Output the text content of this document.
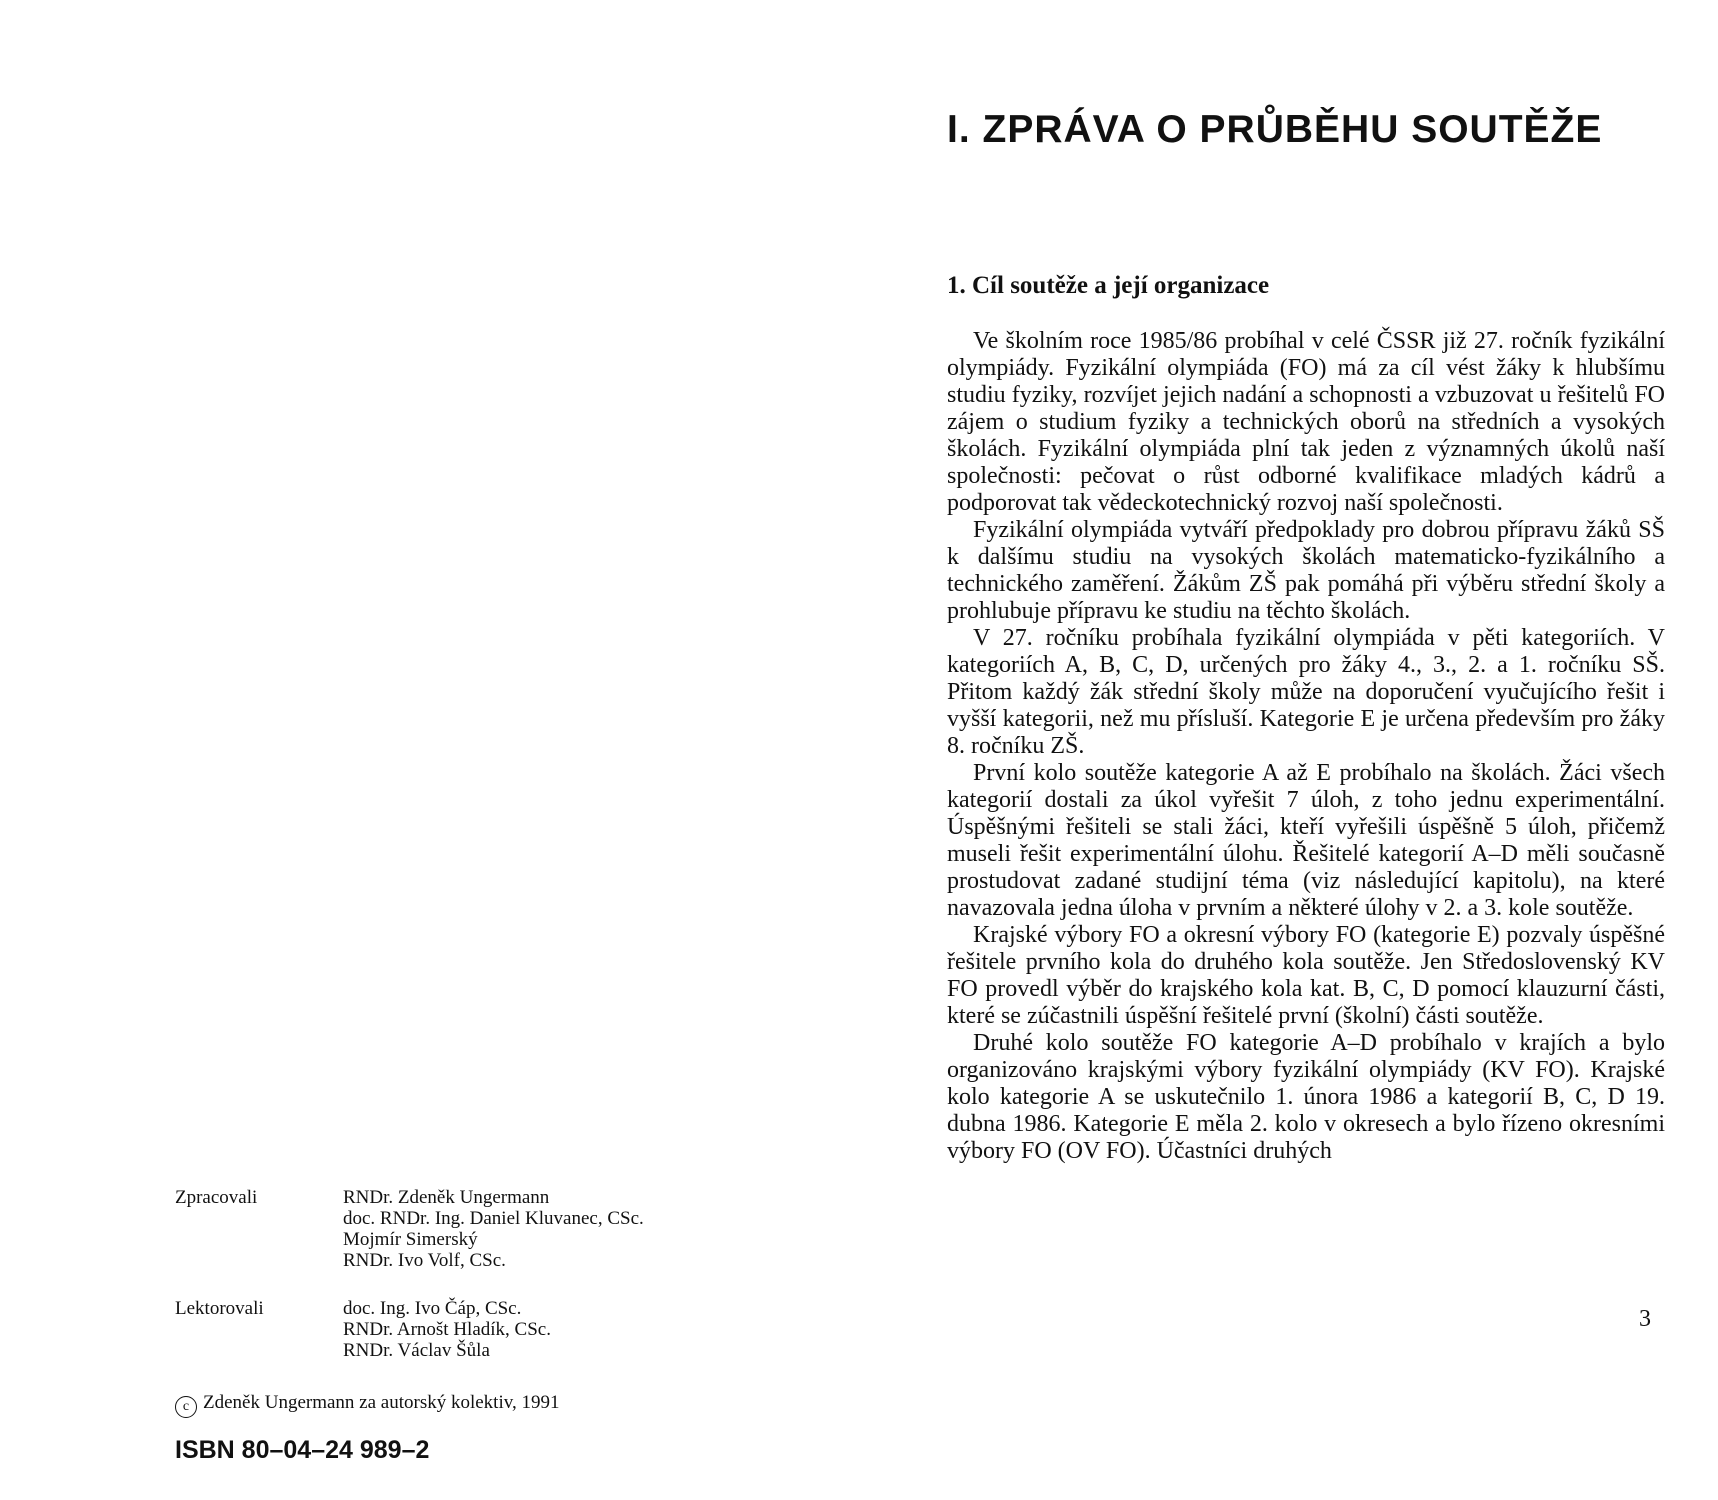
Zpracovali	RNDr. Zdeněk Ungermann
doc. RNDr. Ing. Daniel Kluvanec, CSc.
Mojmír Simerský
RNDr. Ivo Volf, CSc.
Lektorovali	doc. Ing. Ivo Čáp, CSc.
RNDr. Arnošt Hladík, CSc.
RNDr. Václav Šůla
c Zdeněk Ungermann za autorský kolektiv, 1991
ISBN 80–04–24 989–2
I. ZPRÁVA O PRŮBĚHU SOUTĚŽE
1. Cíl soutěže a její organizace

Ve školním roce 1985/86 probíhal v celé ČSSR již 27. ročník fyzikální olympiády. Fyzikální olympiáda (FO) má za cíl vést žáky k hlubšímu studiu fyziky, rozvíjet jejich nadání a schopnosti a vzbuzovat u řešitelů FO zájem o studium fyziky a technických oborů na středních a vysokých školách. Fyzikální olympiáda plní tak jeden z významných úkolů naší společnosti: pečovat o růst odborné kvalifikace mladých kádrů a podporovat tak vědeckotechnický rozvoj naší společnosti.

Fyzikální olympiáda vytváří předpoklady pro dobrou přípravu žáků SŠ k dalšímu studiu na vysokých školách matematicko-fyzikálního a technického zaměření. Žákům ZŠ pak pomáhá při výběru střední školy a prohlubuje přípravu ke studiu na těchto školách.

V 27. ročníku probíhala fyzikální olympiáda v pěti kategoriích. V kategoriích A, B, C, D, určených pro žáky 4., 3., 2. a 1. ročníku SŠ. Přitom každý žák střední školy může na doporučení vyučujícího řešit i vyšší kategorii, než mu přísluší. Kategorie E je určena především pro žáky 8. ročníku ZŠ.

První kolo soutěže kategorie A až E probíhalo na školách. Žáci všech kategorií dostali za úkol vyřešit 7 úloh, z toho jednu experimentální. Úspěšnými řešiteli se stali žáci, kteří vyřešili úspěšně 5 úloh, přičemž museli řešit experimentální úlohu. Řešitelé kategorií A–D měli současně prostudovat zadané studijní téma (viz následující kapitolu), na které navazovala jedna úloha v prvním a některé úlohy v 2. a 3. kole soutěže.

Krajské výbory FO a okresní výbory FO (kategorie E) pozvaly úspěšné řešitele prvního kola do druhého kola soutěže. Jen Středoslovenský KV FO provedl výběr do krajského kola kat. B, C, D pomocí klauzurní části, které se zúčastnili úspěšní řešitelé první (školní) části soutěže.

Druhé kolo soutěže FO kategorie A–D probíhalo v krajích a bylo organizováno krajskými výbory fyzikální olympiády (KV FO). Krajské kolo kategorie A se uskutečnilo 1. února 1986 a kategorií B, C, D 19. dubna 1986. Kategorie E měla 2. kolo v okresech a bylo řízeno okresními výbory FO (OV FO). Účastníci druhých

3
